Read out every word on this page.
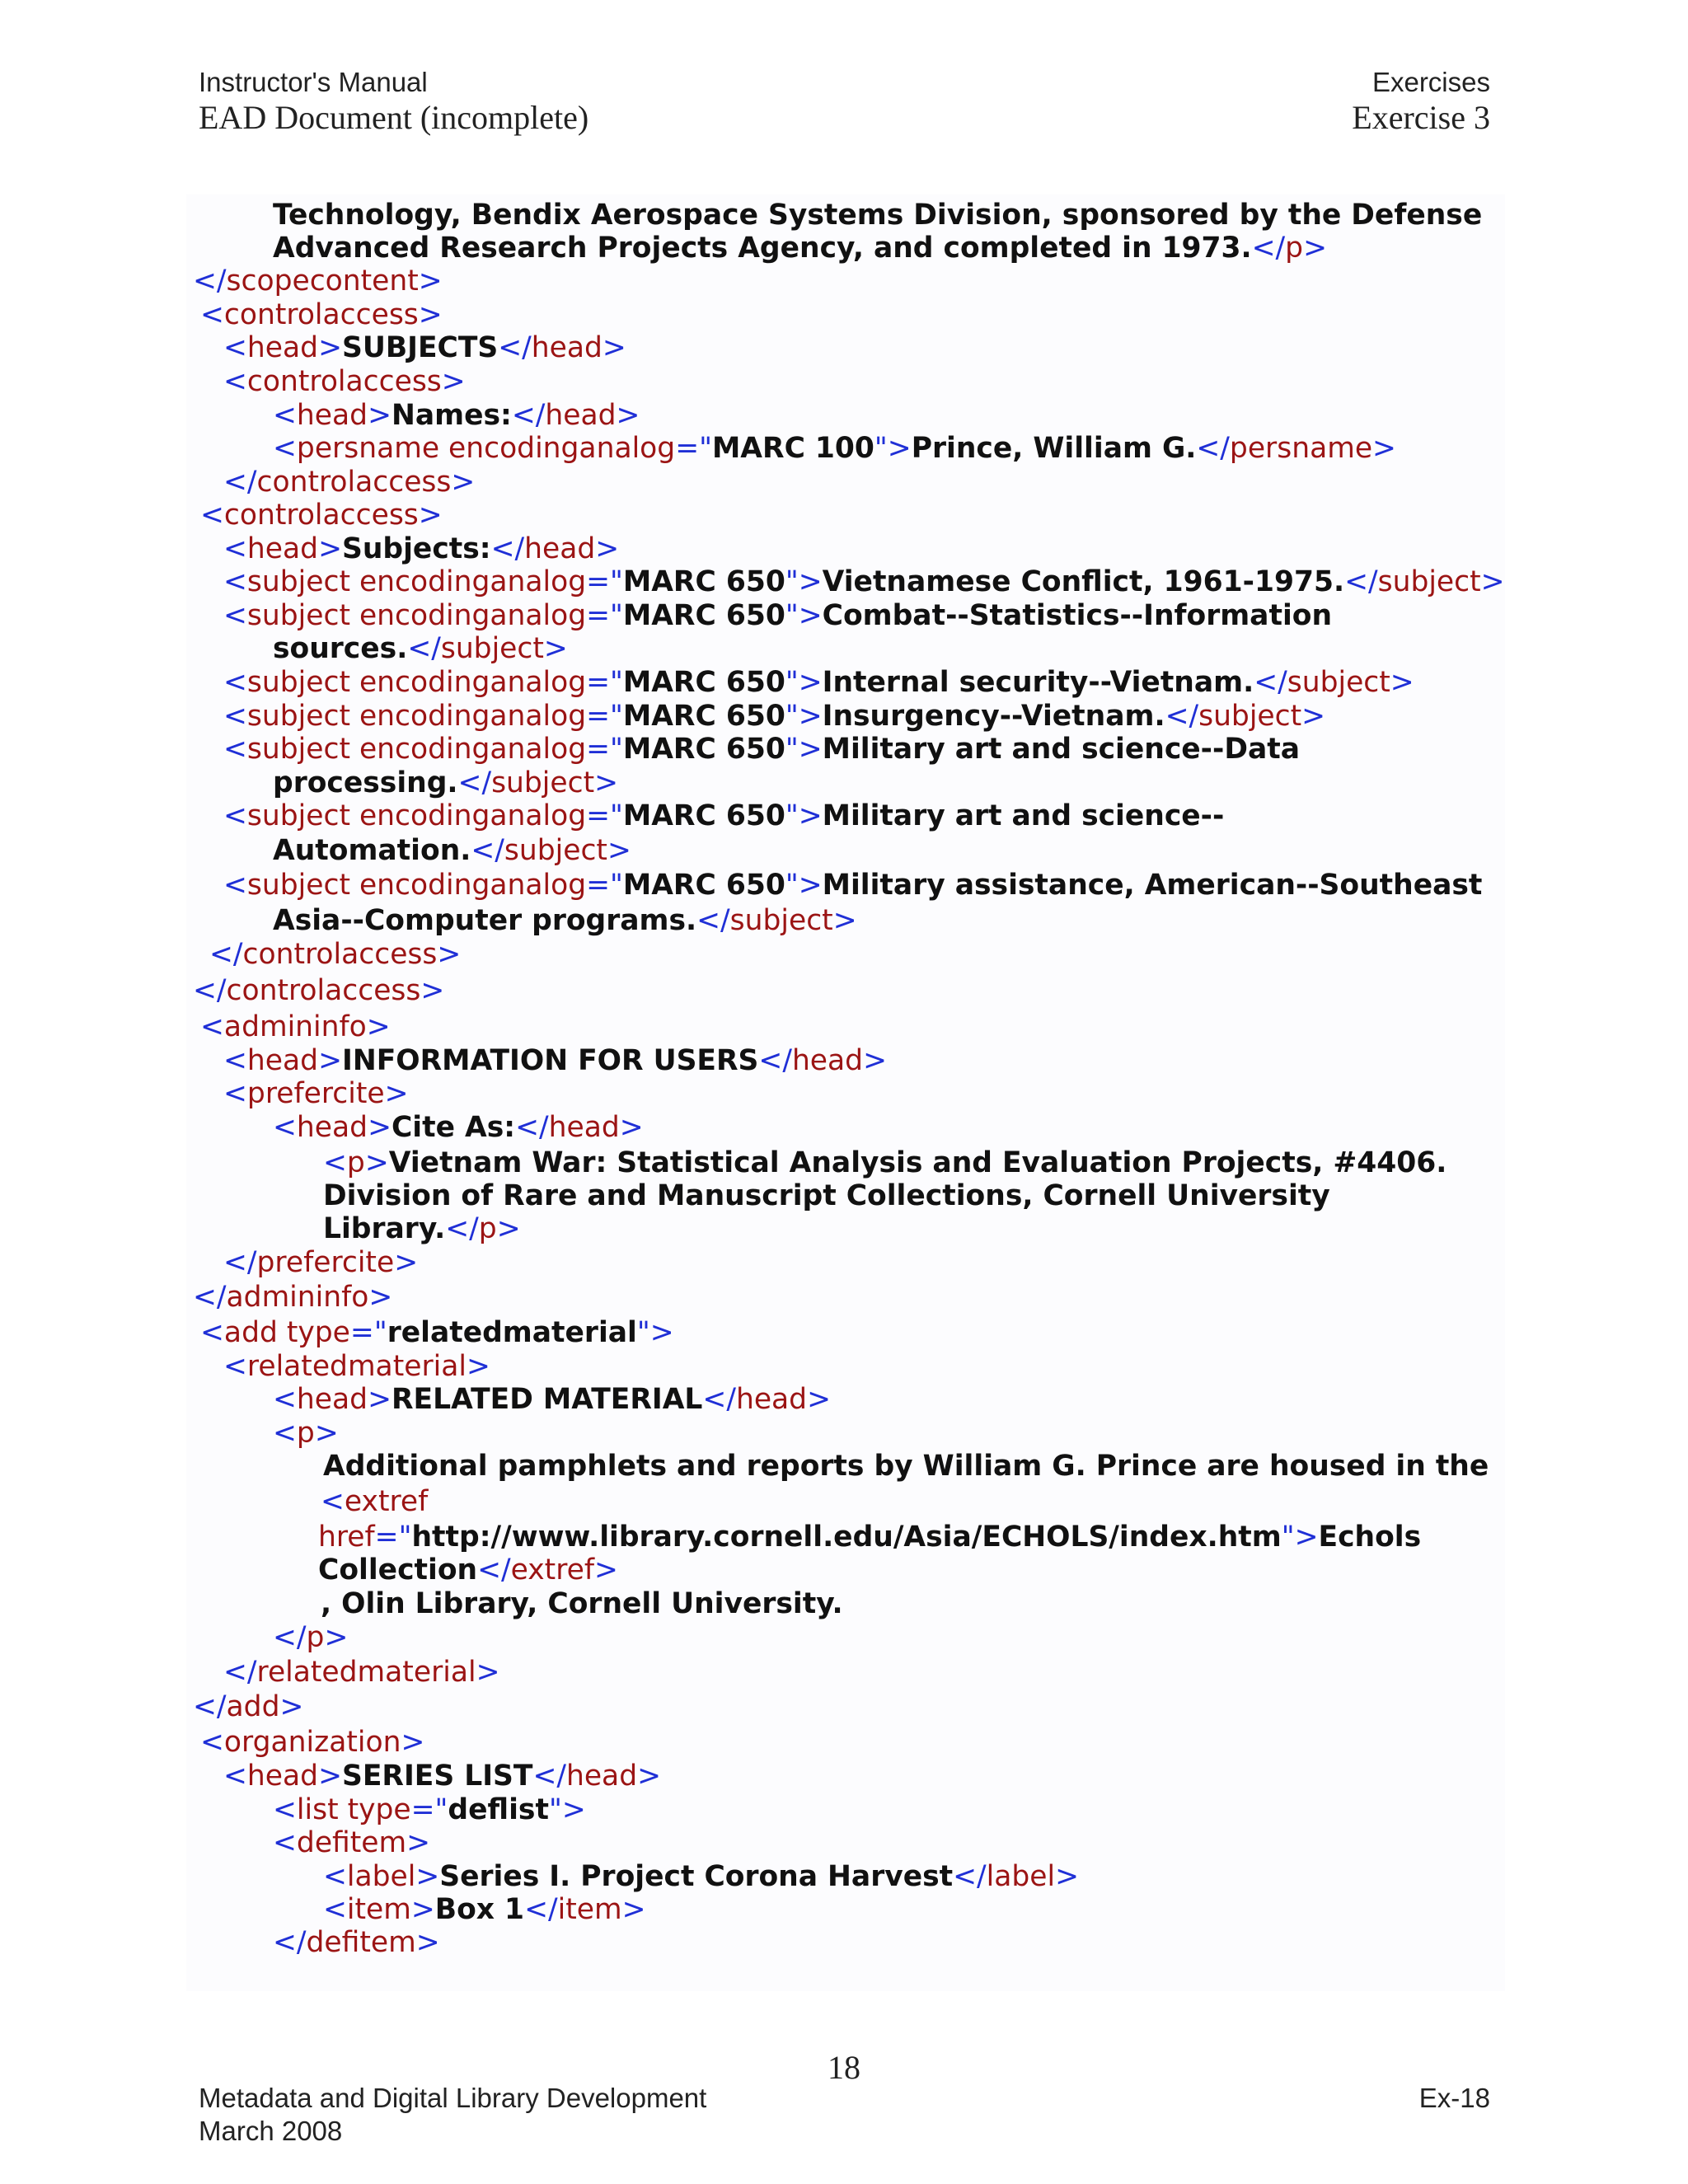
Instructor's Manual
EAD Document (incomplete)
Exercises
Exercise 3
Technology, Bendix Aerospace Systems Division, sponsored by the Defense
Advanced Research Projects Agency, and completed in 1973.</p>
</scopecontent>
<controlaccess>
<head>SUBJECTS</head>
<controlaccess>
<head>Names:</head>
<persname encodinganalog="MARC 100">Prince, William G.</persname>
</controlaccess>
<controlaccess>
<head>Subjects:</head>
<subject encodinganalog="MARC 650">Vietnamese Conflict, 1961-1975.</subject>
<subject encodinganalog="MARC 650">Combat--Statistics--Information
sources.</subject>
<subject encodinganalog="MARC 650">Internal security--Vietnam.</subject>
<subject encodinganalog="MARC 650">Insurgency--Vietnam.</subject>
<subject encodinganalog="MARC 650">Military art and science--Data
processing.</subject>
<subject encodinganalog="MARC 650">Military art and science--
Automation.</subject>
<subject encodinganalog="MARC 650">Military assistance, American--Southeast
Asia--Computer programs.</subject>
</controlaccess>
</controlaccess>
<admininfo>
<head>INFORMATION FOR USERS</head>
<prefercite>
<head>Cite As:</head>
<p>Vietnam War: Statistical Analysis and Evaluation Projects, #4406.
Division of Rare and Manuscript Collections, Cornell University
Library.</p>
</prefercite>
</admininfo>
<add type="relatedmaterial">
<relatedmaterial>
<head>RELATED MATERIAL</head>
<p>
Additional pamphlets and reports by William G. Prince are housed in the
<extref
href="http://www.library.cornell.edu/Asia/ECHOLS/index.htm">Echols
Collection</extref>
, Olin Library, Cornell University.
</p>
</relatedmaterial>
</add>
<organization>
<head>SERIES LIST</head>
<list type="deflist">
<defitem>
<label>Series I. Project Corona Harvest</label>
<item>Box 1</item>
</defitem>
18
Metadata and Digital Library Development
March 2008
Ex-18
